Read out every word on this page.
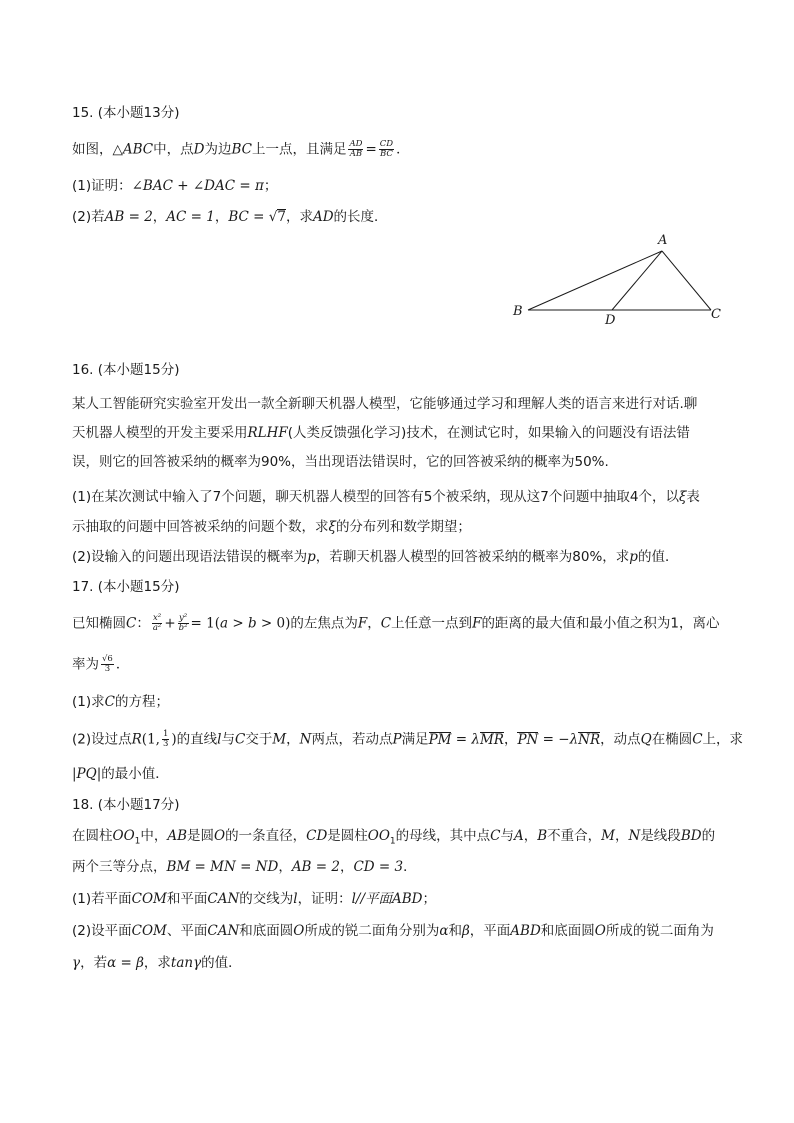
15. (本小题13分)
如图，△ABC中，点D为边BC上一点，且满足 $\frac{AD}{AB} = \frac{CD}{BC}$ ．
(1)证明：∠BAC + ∠DAC = π；
(2)若AB = 2，AC = 1，BC = √7，求AD的长度．
A
B	C
D
16. (本小题15分)
某人工智能研究实验室开发出一款全新聊天机器人模型，它能够通过学习和理解人类的语言来进行对话.聊
天机器人模型的开发主要采用RLHF(人类反馈强化学习)技术，在测试它时，如果输入的问题没有语法错
误，则它的回答被采纳的概率为90%，当出现语法错误时，它的回答被采纳的概率为50%.
(1)在某次测试中输入了7个问题，聊天机器人模型的回答有5个被采纳，现从这7个问题中抽取4个，以ξ表
示抽取的问题中回答被采纳的问题个数，求ξ的分布列和数学期望；
(2)设输入的问题出现语法错误的概率为p，若聊天机器人模型的回答被采纳的概率为80%，求p的值．
17. (本小题15分)
已知椭圆C： $\frac{\text{x²}}{\text{a²}} + \frac{\text{y²}}{\text{b²}} = 1(a > b > 0)$的左焦点为F，C上任意一点到F的距离的最大值和最小值之积为1，离心
率为 $\frac{√6}{3}$ ．
(1)求C的方程；
(2)设过点R(1, $\frac{1}{3}$ )的直线l与C交于M，N两点，若动点P满足PM = λMR，PN = −λNR，动点Q在椭圆C上，求
|PQ|的最小值．
18. (本小题17分)
在圆柱$OO_1$中，AB是圆O的一条直径，CD是圆柱$OO_1$的母线，其中点C与A，B不重合，M，N是线段BD的
两个三等分点，BM = MN = ND，AB = 2，CD = 3．
(1)若平面COM和平面CAN的交线为l，证明：l//平面ABD；
(2)设平面COM、平面CAN和底面圆O所成的锐二面角分别为α和β，平面ABD和底面圆O所成的锐二面角为
γ，若α = β，求tanγ的值．
